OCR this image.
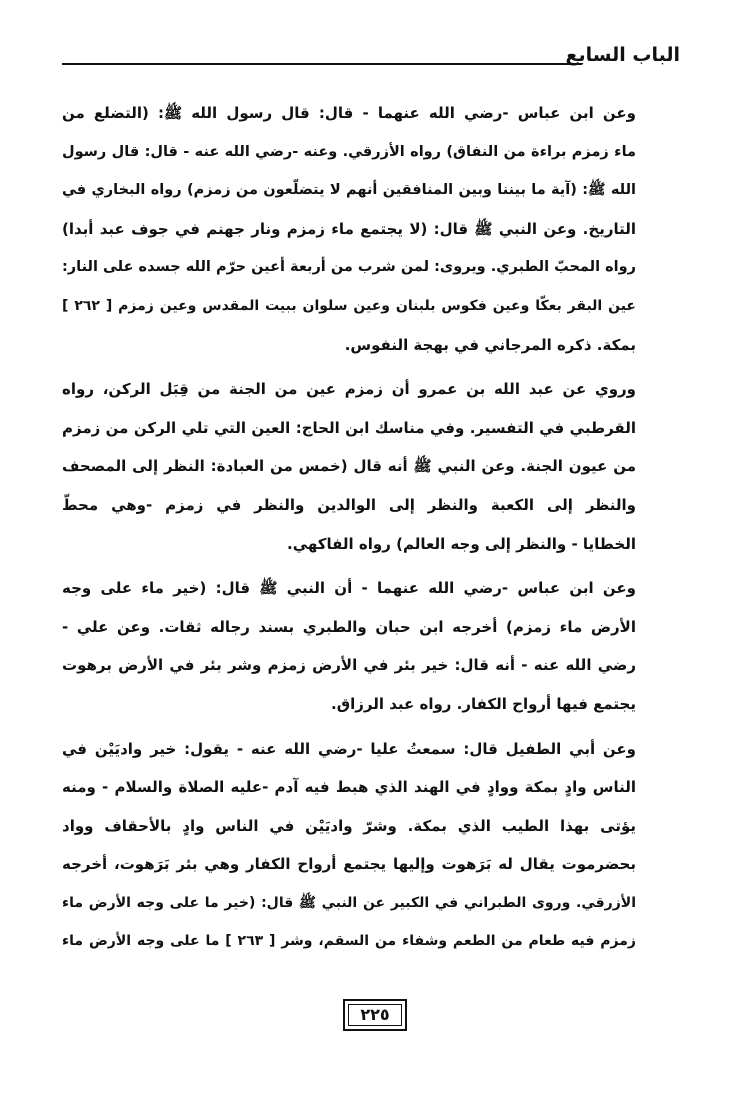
الباب السابع

وعن ابن عباس -رضي الله عنهما - قال: قال رسول الله ﷺ: (التضلع من
ماء زمزم براءة من النفاق) رواه الأزرقي. وعنه -رضي الله عنه - قال: قال رسول
الله ﷺ: (آية ما بيننا وبين المنافقين أنهم لا يتضلّعون من زمزم) رواه البخاري في
التاريخ. وعن النبي ﷺ قال: (لا يجتمع ماء زمزم ونار جهنم في جوف عبد أبدا)
رواه المحبّ الطبري. ويروى: لمن شرب من أربعة أعين حرّم الله جسده على النار:
عين البقر بعكّا وعين فكوس بلبنان وعين سلوان ببيت المقدس وعين زمزم [ ٢٦٢ ]
بمكة. ذكره المرجاني في بهجة النفوس.

وروي عن عبد الله بن عمرو أن زمزم عين من الجنة من قِبَل الركن، رواه
القرطبي في التفسير. وفي مناسك ابن الحاج: العين التي تلي الركن من زمزم
من عيون الجنة. وعن النبي ﷺ أنه قال (خمس من العبادة: النظر إلى المصحف
والنظر إلى الكعبة والنظر إلى الوالدين والنظر في زمزم -وهي محطّ
الخطايا - والنظر إلى وجه العالم) رواه الفاكهي.

وعن ابن عباس -رضي الله عنهما - أن النبي ﷺ قال: (خير ماء على وجه
الأرض ماء زمزم) أخرجه ابن حبان والطبري بسند رجاله ثقات. وعن علي -
رضي الله عنه - أنه قال: خير بئر في الأرض زمزم وشر بئر في الأرض برهوت
يجتمع فيها أرواح الكفار. رواه عبد الرزاق.

وعن أبي الطفيل قال: سمعتُ عليا -رضي الله عنه - يقول: خير واديَيْن في
الناس وادٍ بمكة ووادٍ في الهند الذي هبط فيه آدم -عليه الصلاة والسلام - ومنه
يؤتى بهذا الطيب الذي بمكة. وشرّ واديَيْن في الناس وادٍ بالأحقاف وواد
بحضرموت يقال له بَرَهوت وإليها يجتمع أرواح الكفار وهي بئر بَرَهوت، أخرجه
الأزرقي. وروى الطبراني في الكبير عن النبي ﷺ قال: (خير ما على وجه الأرض ماء
زمزم فيه طعام من الطعم وشفاء من السقم، وشر [ ٢٦٣ ] ما على وجه الأرض ماء

٢٢٥
